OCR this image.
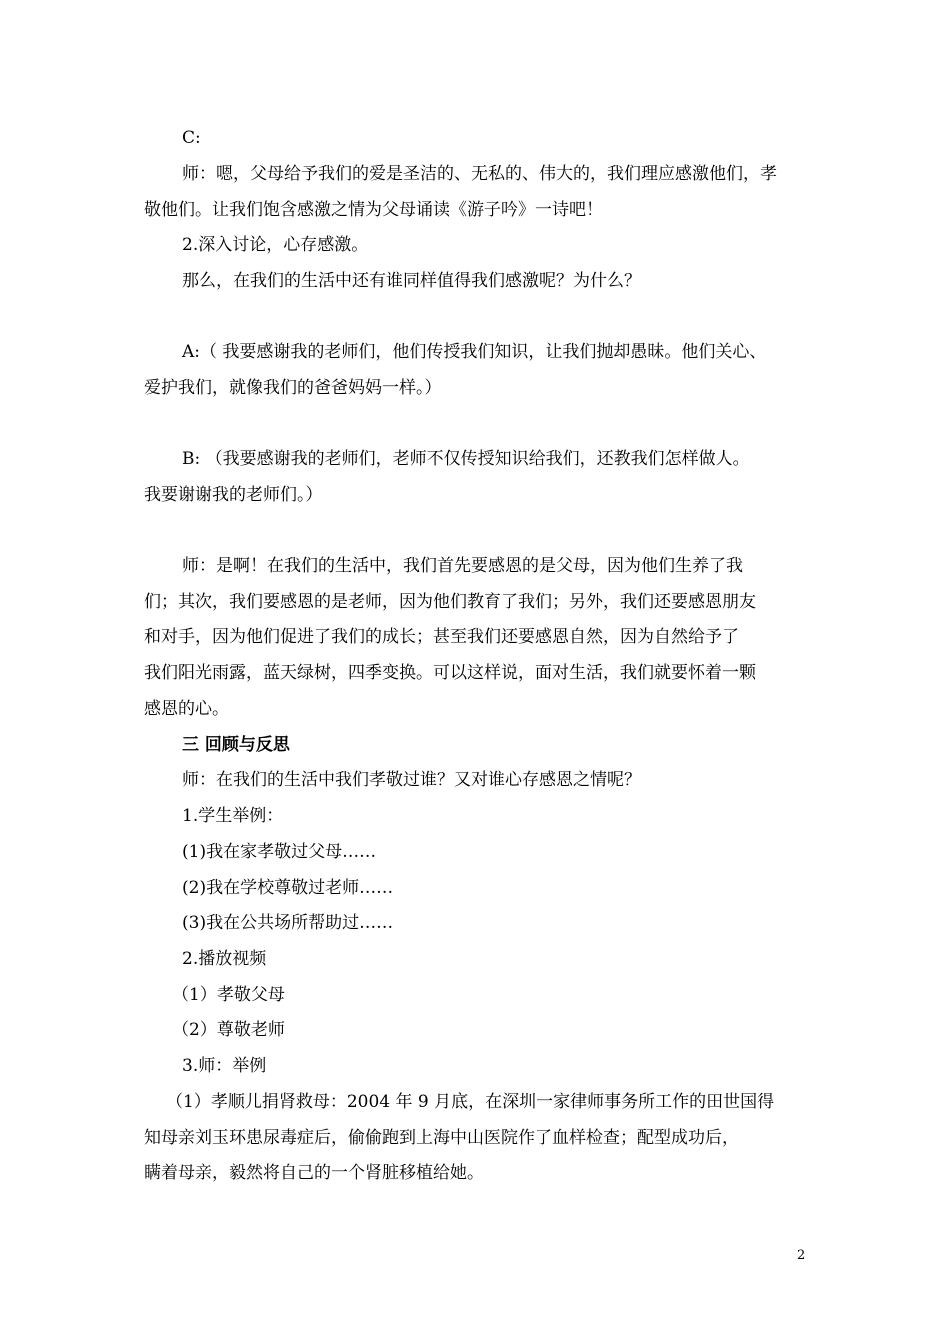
C:
师：嗯，父母给予我们的爱是圣洁的、无私的、伟大的，我们理应感激他们，孝
敬他们。让我们饱含感激之情为父母诵读《游子吟》一诗吧！
2.深入讨论，心存感激。
那么，在我们的生活中还有谁同样值得我们感激呢？为什么？
A:（ 我要感谢我的老师们，他们传授我们知识，让我们抛却愚昧。他们关心、
爱护我们，就像我们的爸爸妈妈一样。）
B: （我要感谢我的老师们，老师不仅传授知识给我们，还教我们怎样做人。
我要谢谢我的老师们。）
师：是啊！在我们的生活中，我们首先要感恩的是父母，因为他们生养了我
们；其次，我们要感恩的是老师，因为他们教育了我们；另外，我们还要感恩朋友
和对手，因为他们促进了我们的成长；甚至我们还要感恩自然，因为自然给予了
我们阳光雨露，蓝天绿树，四季变换。可以这样说，面对生活，我们就要怀着一颗
感恩的心。
三 回顾与反思
师：在我们的生活中我们孝敬过谁？又对谁心存感恩之情呢？
1.学生举例：
(1)我在家孝敬过父母……
(2)我在学校尊敬过老师……
(3)我在公共场所帮助过……
2.播放视频
（1）孝敬父母
（2）尊敬老师
3.师：举例
（1）孝顺儿捐肾救母：2004 年 9 月底，在深圳一家律师事务所工作的田世国得
知母亲刘玉环患尿毒症后，偷偷跑到上海中山医院作了血样检查；配型成功后，
瞒着母亲，毅然将自己的一个肾脏移植给她。
2
